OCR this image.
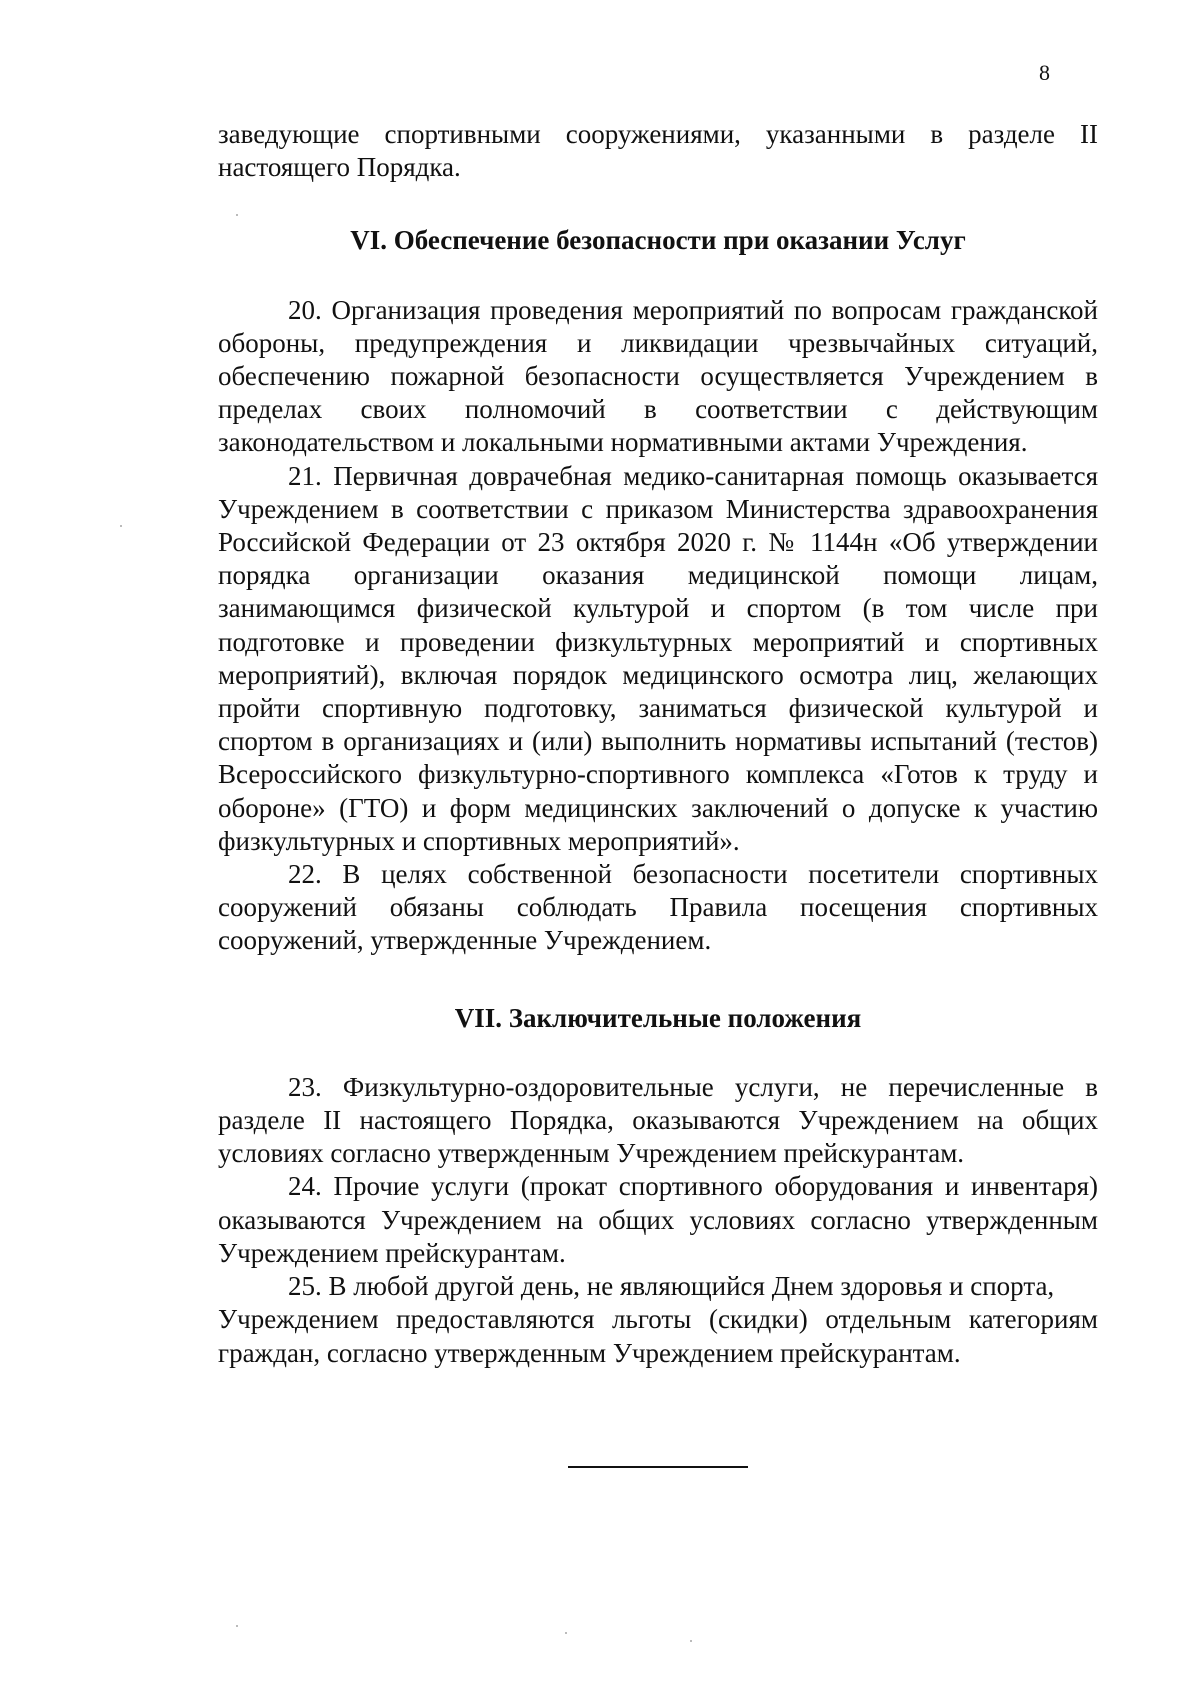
8

заведующие спортивными сооружениями, указанными в разделе II настоящего Порядка.

VI. Обеспечение безопасности при оказании Услуг

20. Организация проведения мероприятий по вопросам гражданской обороны, предупреждения и ликвидации чрезвычайных ситуаций, обеспечению пожарной безопасности осуществляется Учреждением в пределах своих полномочий в соответствии с действующим законодательством и локальными нормативными актами Учреждения.

21. Первичная доврачебная медико-санитарная помощь оказывается Учреждением в соответствии с приказом Министерства здравоохранения Российской Федерации от 23 октября 2020 г. № 1144н «Об утверждении порядка организации оказания медицинской помощи лицам, занимающимся физической культурой и спортом (в том числе при подготовке и проведении физкультурных мероприятий и спортивных мероприятий), включая порядок медицинского осмотра лиц, желающих пройти спортивную подготовку, заниматься физической культурой и спортом в организациях и (или) выполнить нормативы испытаний (тестов) Всероссийского физкультурно-спортивного комплекса «Готов к труду и обороне» (ГТО) и форм медицинских заключений о допуске к участию физкультурных и спортивных мероприятий».

22. В целях собственной безопасности посетители спортивных сооружений обязаны соблюдать Правила посещения спортивных сооружений, утвержденные Учреждением.

VII. Заключительные положения

23. Физкультурно-оздоровительные услуги, не перечисленные в разделе II настоящего Порядка, оказываются Учреждением на общих условиях согласно утвержденным Учреждением прейскурантам.

24. Прочие услуги (прокат спортивного оборудования и инвентаря) оказываются Учреждением на общих условиях согласно утвержденным Учреждением прейскурантам.

25. В любой другой день, не являющийся Днем здоровья и спорта,

Учреждением предоставляются льготы (скидки) отдельным категориям граждан, согласно утвержденным Учреждением прейскурантам.
